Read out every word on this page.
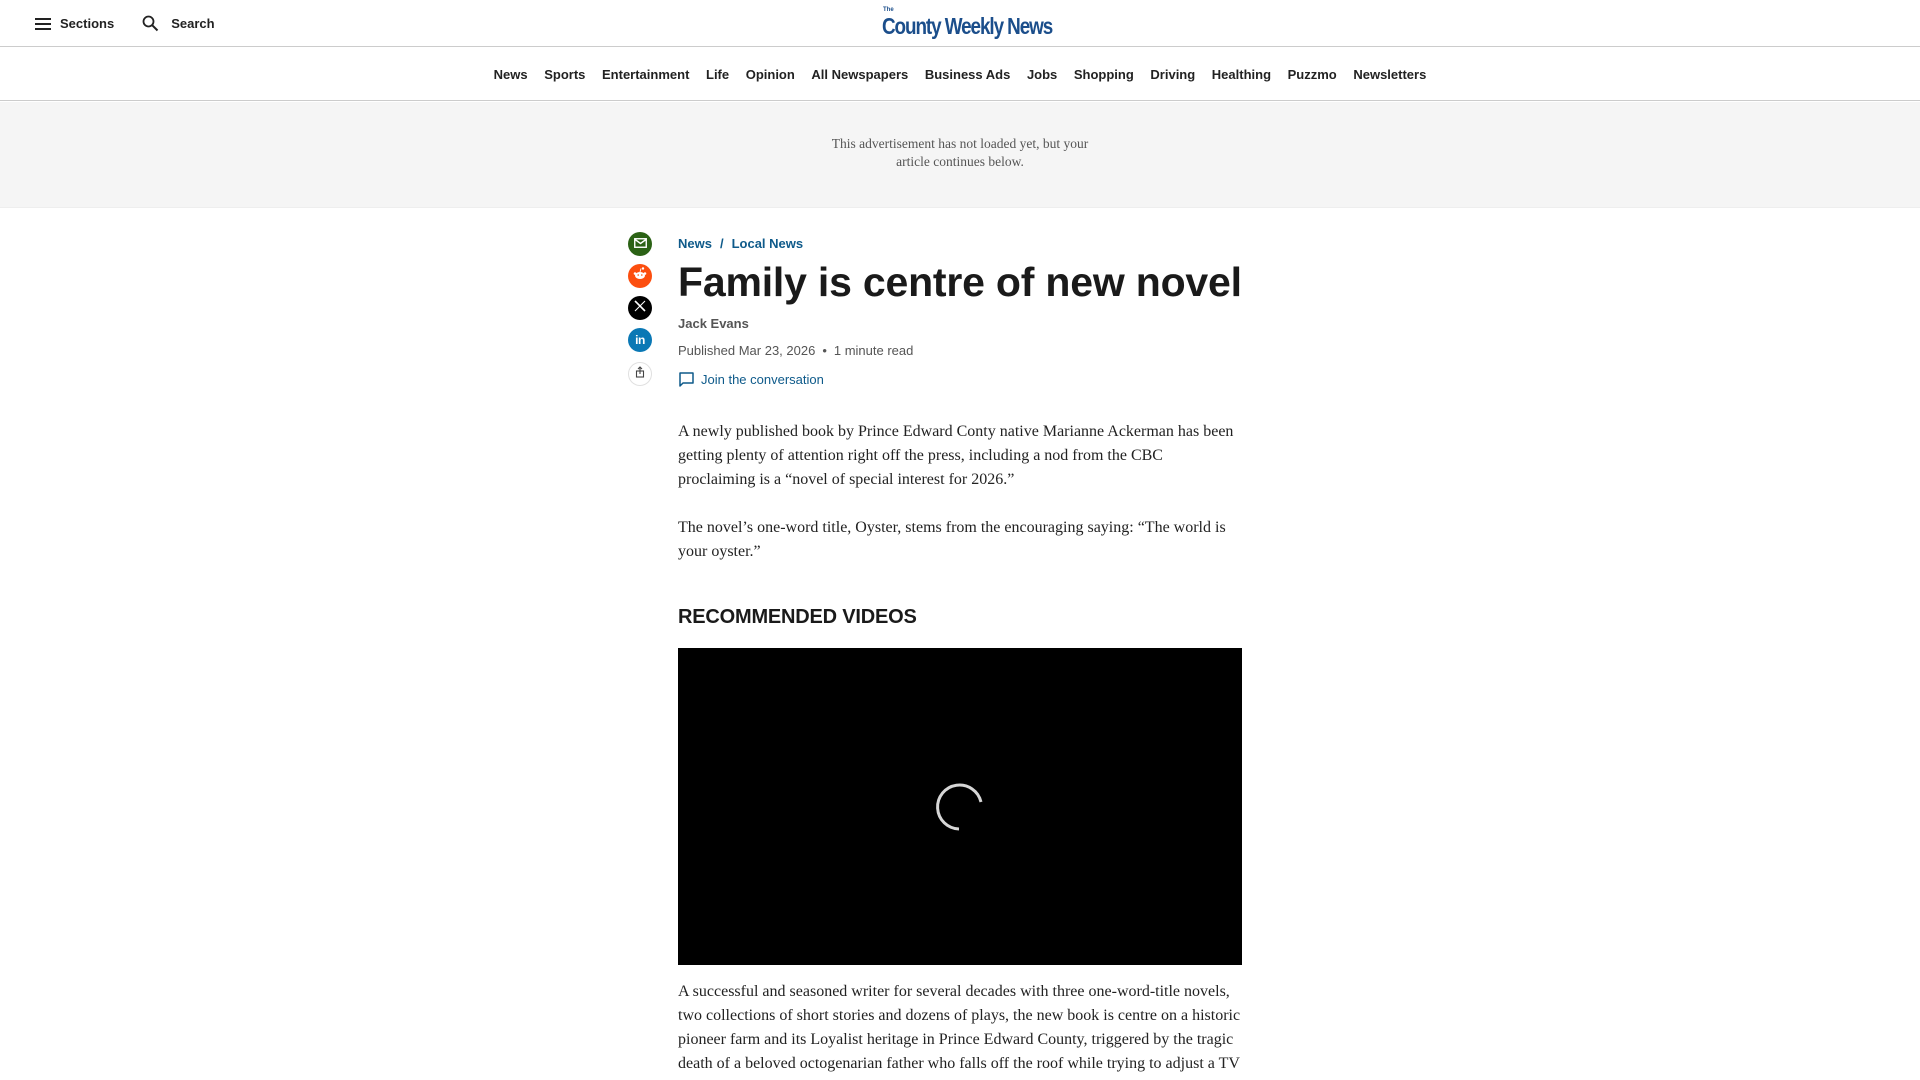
Sections	Search
The
County Weekly News
News Sports Entertainment Life Opinion All Newspapers Business Ads Jobs Shopping Driving Healthing Puzzmo Newsletters
This advertisement has not loaded yet, but your
article continues below.
in
News / Local News
Family is centre of new novel
Jack Evans
Published Mar 23, 2026 • 1 minute read
Join the conversation

A newly published book by Prince Edward Conty native Marianne Ackerman has been getting plenty of attention right off the press, including a nod from the CBC proclaiming is a “novel of special interest for 2026.”

The novel’s one-word title, Oyster, stems from the encouraging saying: “The world is your oyster.”

RECOMMENDED VIDEOS

A successful and seasoned writer for several decades with three one-word-title novels, two collections of short stories and dozens of plays, the new book is centre on a historic pioneer farm and its Loyalist heritage in Prince Edward County, triggered by the tragic death of a beloved octogenarian father who falls off the roof while trying to adjust a TV
